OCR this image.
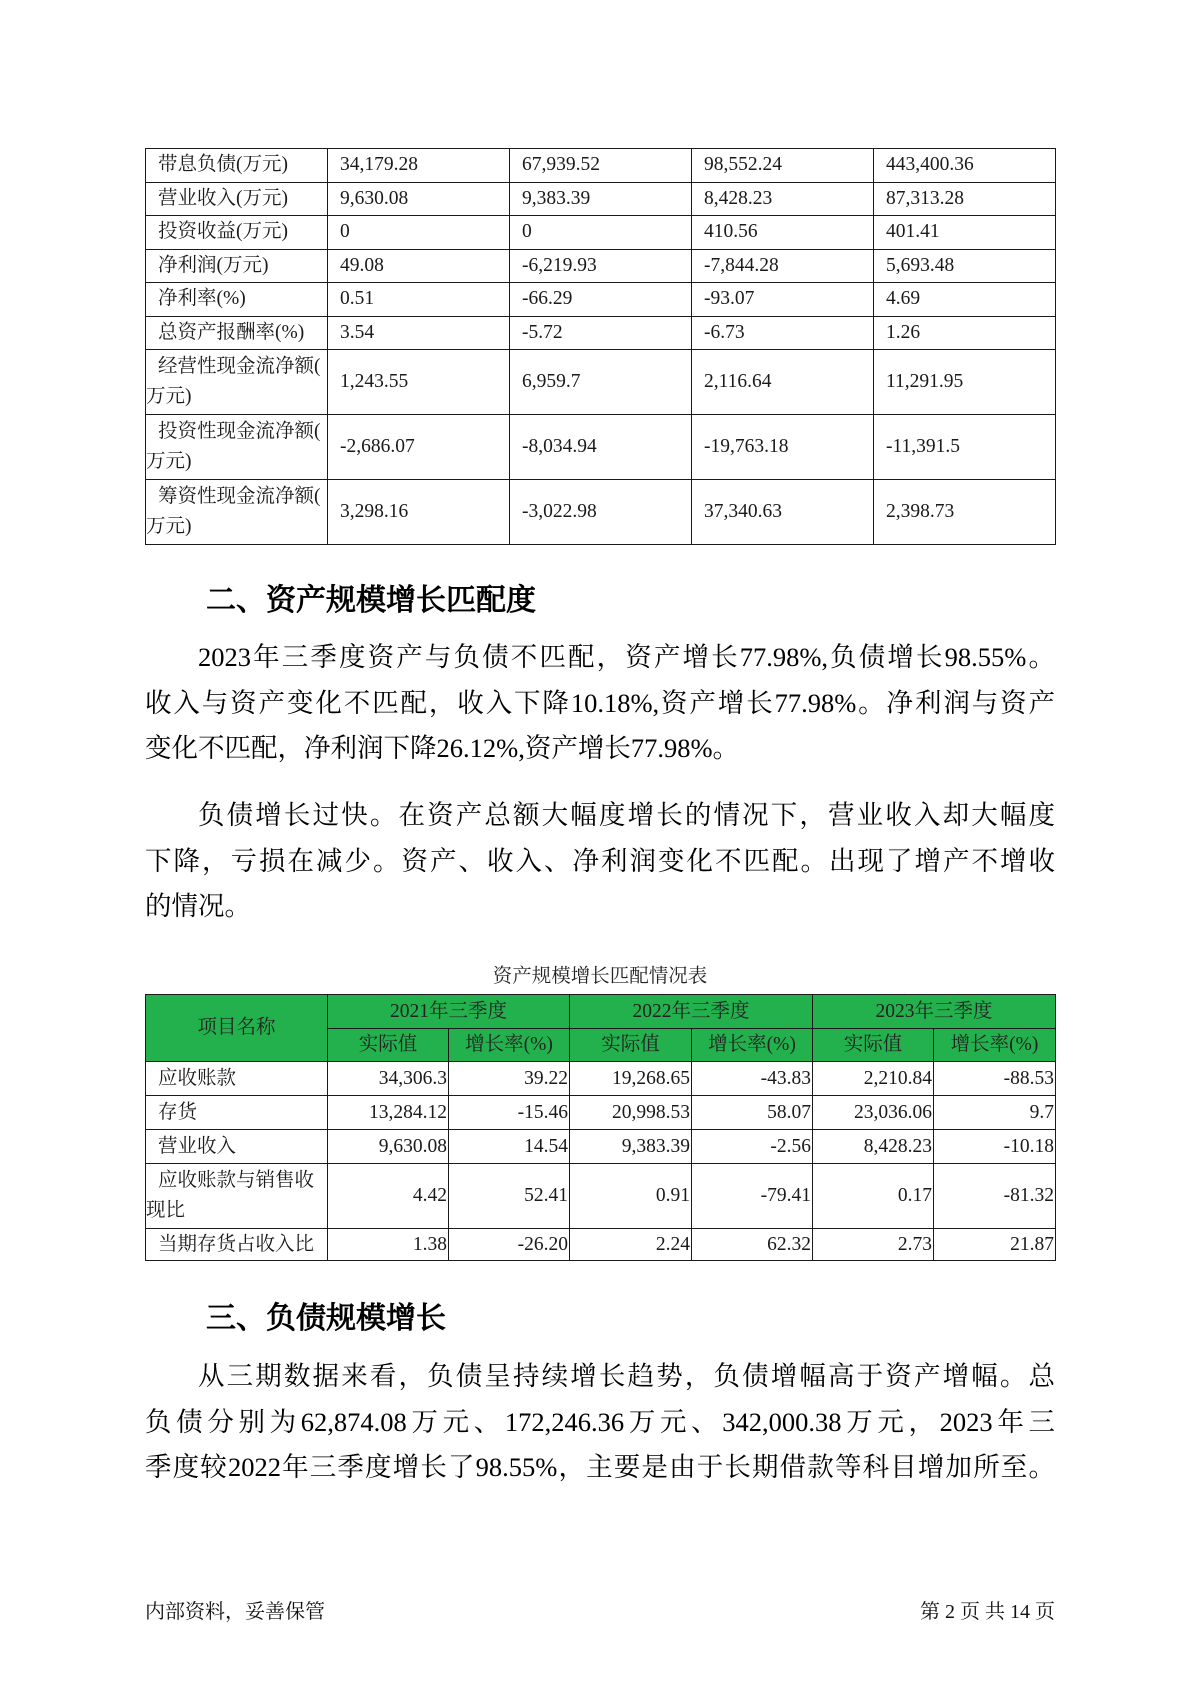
带息负债(万元)	34,179.28	67,939.52	98,552.24	443,400.36
营业收入(万元)	9,630.08	9,383.39	8,428.23	87,313.28
投资收益(万元)	0	0	410.56	401.41
净利润(万元)	49.08	-6,219.93	-7,844.28	5,693.48
净利率(%)	0.51	-66.29	-93.07	4.69
总资产报酬率(%)	3.54	-5.72	-6.73	1.26

经营性现金流净额(
万元)	1,243.55	6,959.7	2,116.64	11,291.95

投资性现金流净额(
万元)	-2,686.07	-8,034.94	-19,763.18	-11,391.5

筹资性现金流净额(
万元)	3,298.16	-3,022.98	37,340.63	2,398.73
二、资产规模增长匹配度
2023年三季度资产与负债不匹配，资产增长77.98%,负债增长98.55%。
收入与资产变化不匹配，收入下降10.18%,资产增长77.98%。净利润与资产
变化不匹配，净利润下降26.12%,资产增长77.98%。
负债增长过快。在资产总额大幅度增长的情况下，营业收入却大幅度
下降，亏损在减少。资产、收入、净利润变化不匹配。出现了增产不增收
的情况。
资产规模增长匹配情况表
项目名称	2021年三季度		2022年三季度		2023年三季度	
	实际值	增长率(%)	实际值	增长率(%)	实际值	增长率(%)
应收账款	34,306.3	39.22	19,268.65	-43.83	2,210.84	-88.53
存货	13,284.12	-15.46	20,998.53	58.07	23,036.06	9.7
营业收入	9,630.08	14.54	9,383.39	-2.56	8,428.23	-10.18

应收账款与销售收
现比	4.42	52.41	0.91	-79.41	0.17	-81.32
当期存货占收入比	1.38	-26.20	2.24	62.32	2.73	21.87
三、负债规模增长
从三期数据来看，负债呈持续增长趋势，负债增幅高于资产增幅。总
负债分别为62,874.08万元、172,246.36万元、342,000.38万元，2023年三
季度较2022年三季度增长了98.55%，主要是由于长期借款等科目增加所至。
内部资料，妥善保管	第 2 页 共 14 页
